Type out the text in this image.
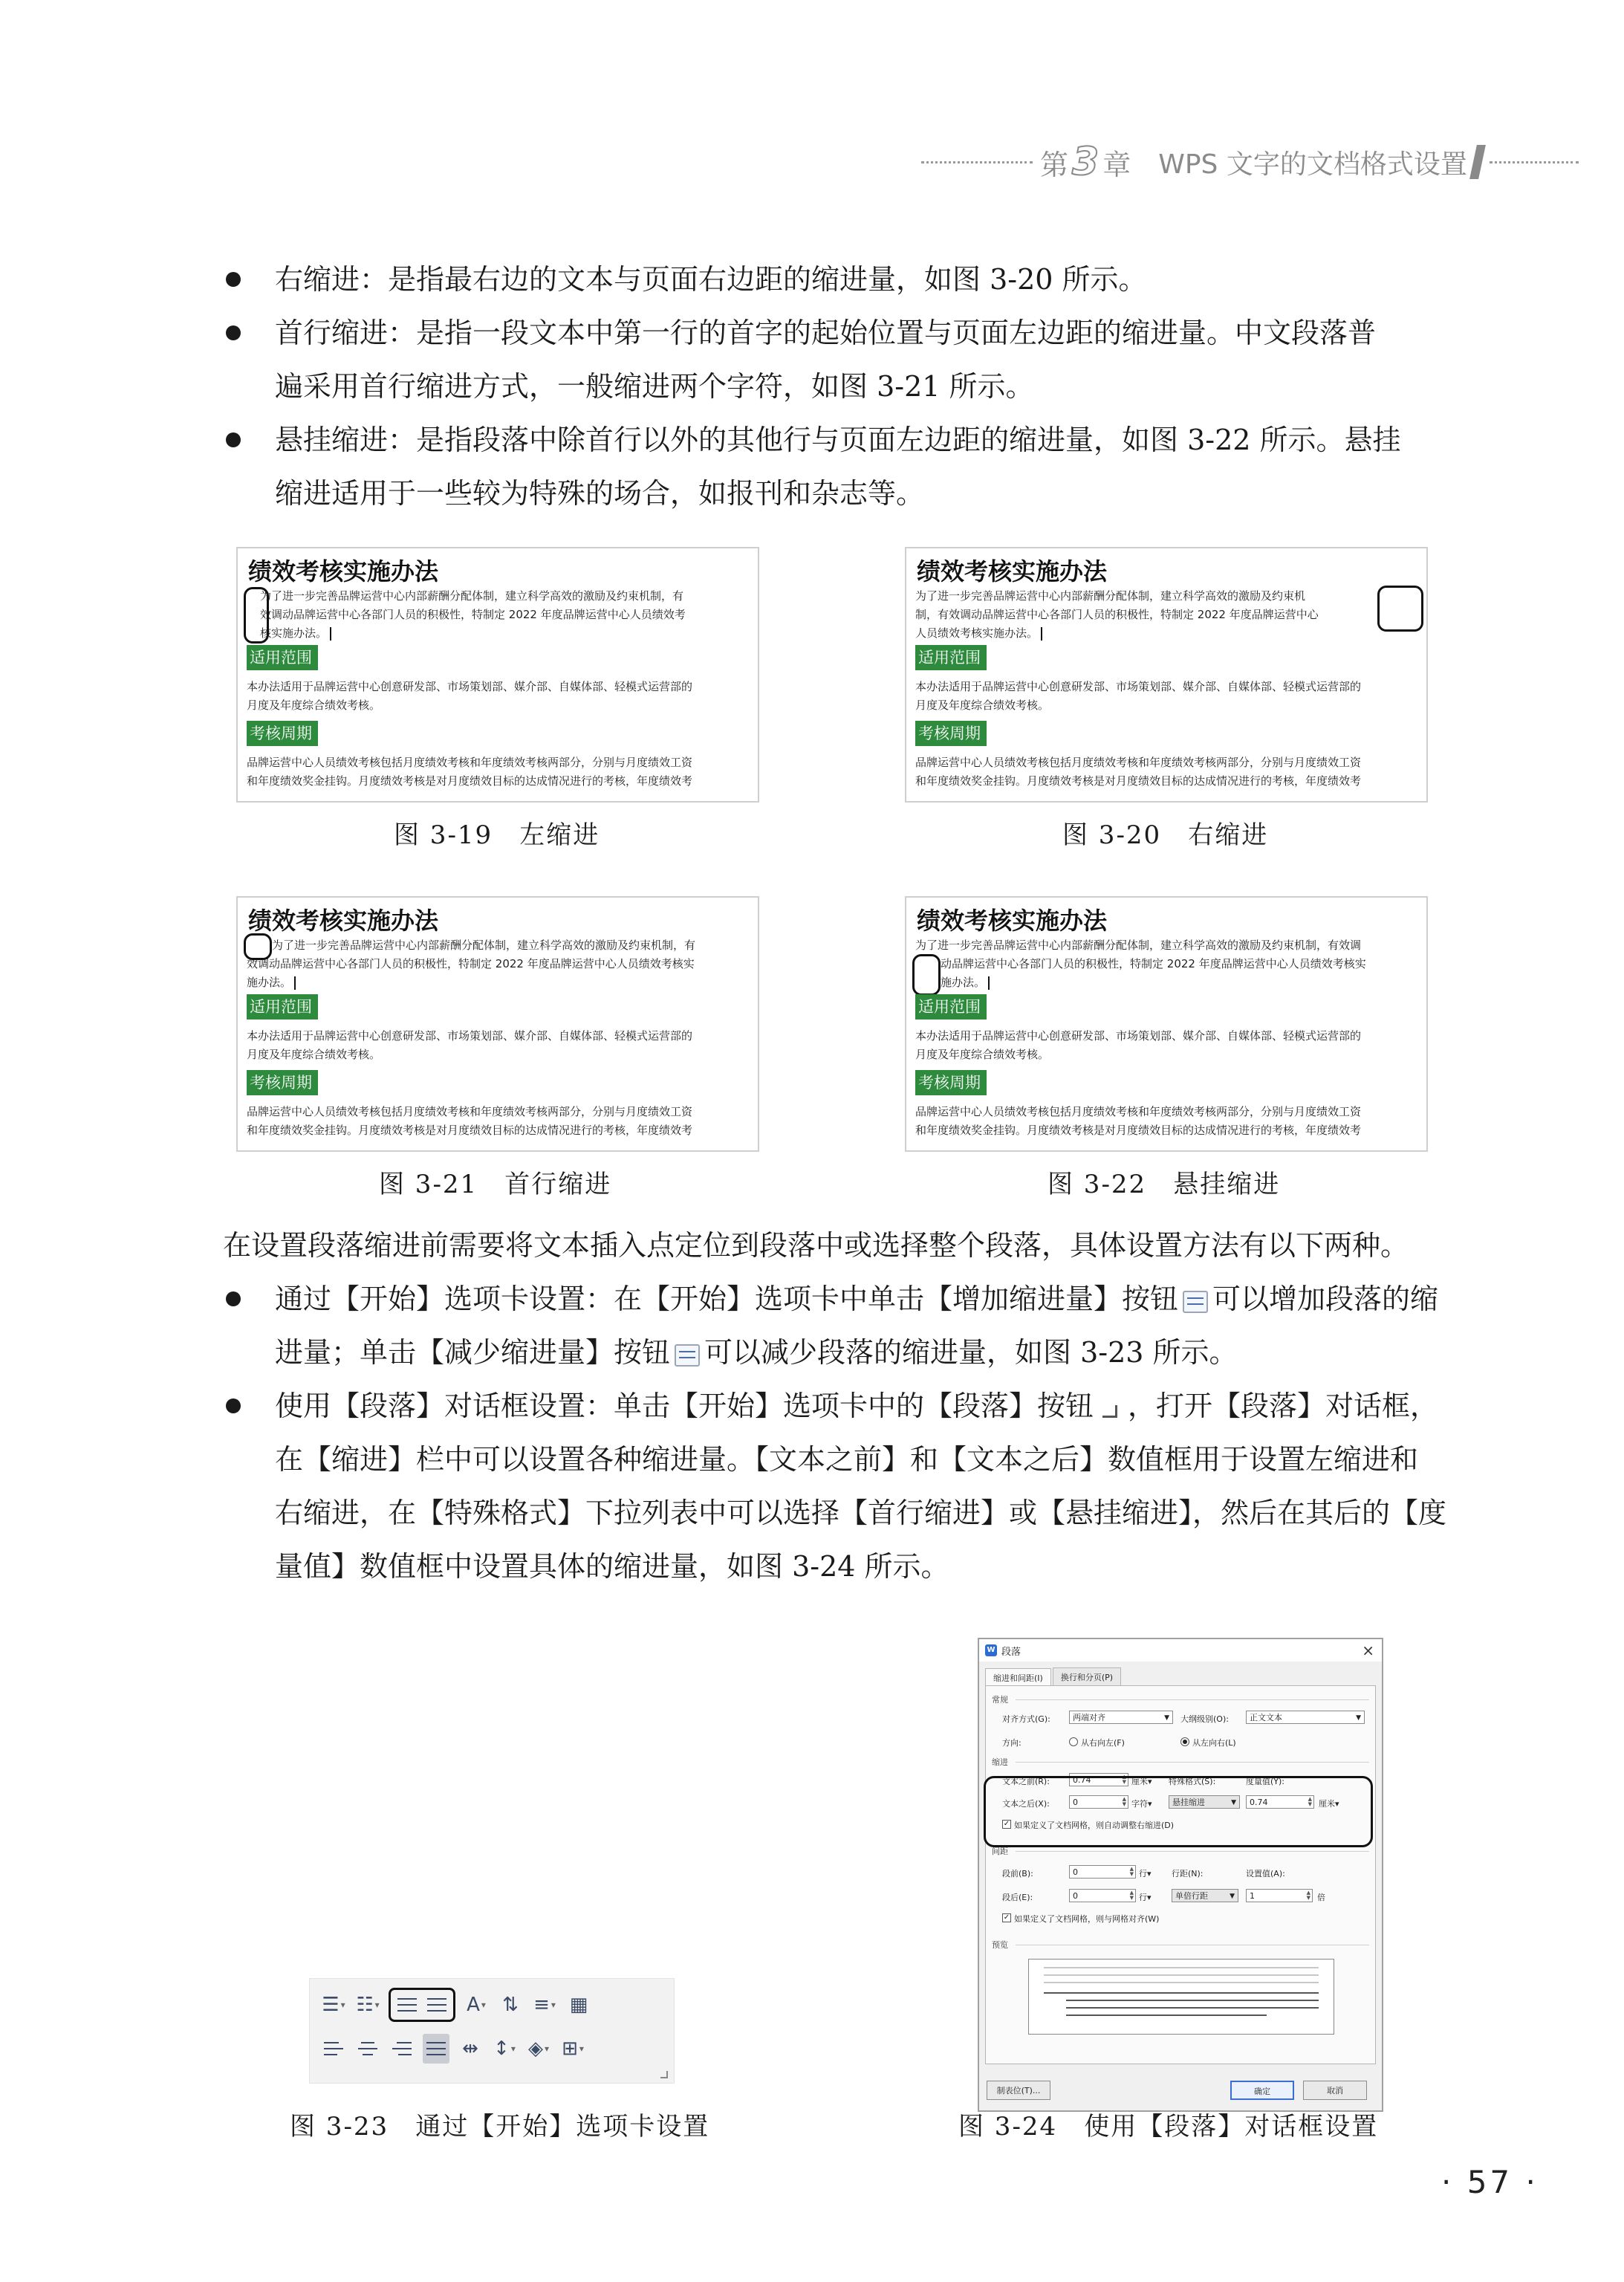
第 3 章 WPS 文字的文档格式设置
右缩进：是指最右边的文本与页面右边距的缩进量，如图 3-20 所示。
首行缩进：是指一段文本中第一行的首字的起始位置与页面左边距的缩进量。中文段落普
遍采用首行缩进方式，一般缩进两个字符，如图 3-21 所示。
悬挂缩进：是指段落中除首行以外的其他行与页面左边距的缩进量，如图 3-22 所示。悬挂
缩进适用于一些较为特殊的场合，如报刊和杂志等。
绩效考核实施办法
为了进一步完善品牌运营中心内部薪酬分配体制，建立科学高效的激励及约束机制，有
效调动品牌运营中心各部门人员的积极性，特制定 2022 年度品牌运营中心人员绩效考
核实施办法。
适用范围
本办法适用于品牌运营中心创意研发部、市场策划部、媒介部、自媒体部、轻模式运营部的
月度及年度综合绩效考核。
考核周期
品牌运营中心人员绩效考核包括月度绩效考核和年度绩效考核两部分，分别与月度绩效工资
和年度绩效奖金挂钩。月度绩效考核是对月度绩效目标的达成情况进行的考核，年度绩效考
图 3-19　左缩进
绩效考核实施办法
为了进一步完善品牌运营中心内部薪酬分配体制，建立科学高效的激励及约束机
制，有效调动品牌运营中心各部门人员的积极性，特制定 2022 年度品牌运营中心
人员绩效考核实施办法。
适用范围
本办法适用于品牌运营中心创意研发部、市场策划部、媒介部、自媒体部、轻模式运营部的
月度及年度综合绩效考核。
考核周期
品牌运营中心人员绩效考核包括月度绩效考核和年度绩效考核两部分，分别与月度绩效工资
和年度绩效奖金挂钩。月度绩效考核是对月度绩效目标的达成情况进行的考核，年度绩效考
图 3-20　右缩进
绩效考核实施办法
为了进一步完善品牌运营中心内部薪酬分配体制，建立科学高效的激励及约束机制，有
效调动品牌运营中心各部门人员的积极性，特制定 2022 年度品牌运营中心人员绩效考核实
施办法。
适用范围
本办法适用于品牌运营中心创意研发部、市场策划部、媒介部、自媒体部、轻模式运营部的
月度及年度综合绩效考核。
考核周期
品牌运营中心人员绩效考核包括月度绩效考核和年度绩效考核两部分，分别与月度绩效工资
和年度绩效奖金挂钩。月度绩效考核是对月度绩效目标的达成情况进行的考核，年度绩效考
图 3-21　首行缩进
绩效考核实施办法
为了进一步完善品牌运营中心内部薪酬分配体制，建立科学高效的激励及约束机制，有效调
动品牌运营中心各部门人员的积极性，特制定 2022 年度品牌运营中心人员绩效考核实
施办法。
适用范围
本办法适用于品牌运营中心创意研发部、市场策划部、媒介部、自媒体部、轻模式运营部的
月度及年度综合绩效考核。
考核周期
品牌运营中心人员绩效考核包括月度绩效考核和年度绩效考核两部分，分别与月度绩效工资
和年度绩效奖金挂钩。月度绩效考核是对月度绩效目标的达成情况进行的考核，年度绩效考
图 3-22　悬挂缩进
在设置段落缩进前需要将文本插入点定位到段落中或选择整个段落，具体设置方法有以下两种。
通过【开始】选项卡设置：在【开始】选项卡中单击【增加缩进量】按钮 可以增加段落的缩
进量；单击【减少缩进量】按钮 可以减少段落的缩进量，如图 3-23 所示。
使用【段落】对话框设置：单击【开始】选项卡中的【段落】按钮 ，打开【段落】对话框，
在【缩进】栏中可以设置各种缩进量。【文本之前】和【文本之后】数值框用于设置左缩进和
右缩进，在【特殊格式】下拉列表中可以选择【首行缩进】或【悬挂缩进】，然后在其后的【度
量值】数值框中设置具体的缩进量，如图 3-24 所示。
☰ ▾ ☷ ▾	A ▾ ⇅ ≡ ▾ ▦
⇹ ↕ ▾ ◈ ▾ ⊞ ▾
图 3-23　通过【开始】选项卡设置
W 段落	×
缩进和间距(I)	换行和分页(P)
常规
对齐方式(G):	两端对齐	▼ 大纲级别(O):	正文文本	▼
方向:	从右向左(F)	从左向右(L)
缩进
文本之前(R):	0.74	▲
▼ 厘米▾ 特殊格式(S):	度量值(Y):
文本之后(X):	0	▲
▼ 字符▾	悬挂缩进	▼	0.74	▲
▼ 厘米▾
✓ 如果定义了文档网格，则自动调整右缩进(D)
间距
段前(B):	0	▲
▼ 行▾ 行距(N):	设置值(A):
段后(E):	0	▲
▼ 行▾	单倍行距	▼	1	▲
▼ 倍
✓ 如果定义了文档网格，则与网格对齐(W)
预览
制表位(T)...	确定	取消
图 3-24　使用【段落】对话框设置
· 57 ·
